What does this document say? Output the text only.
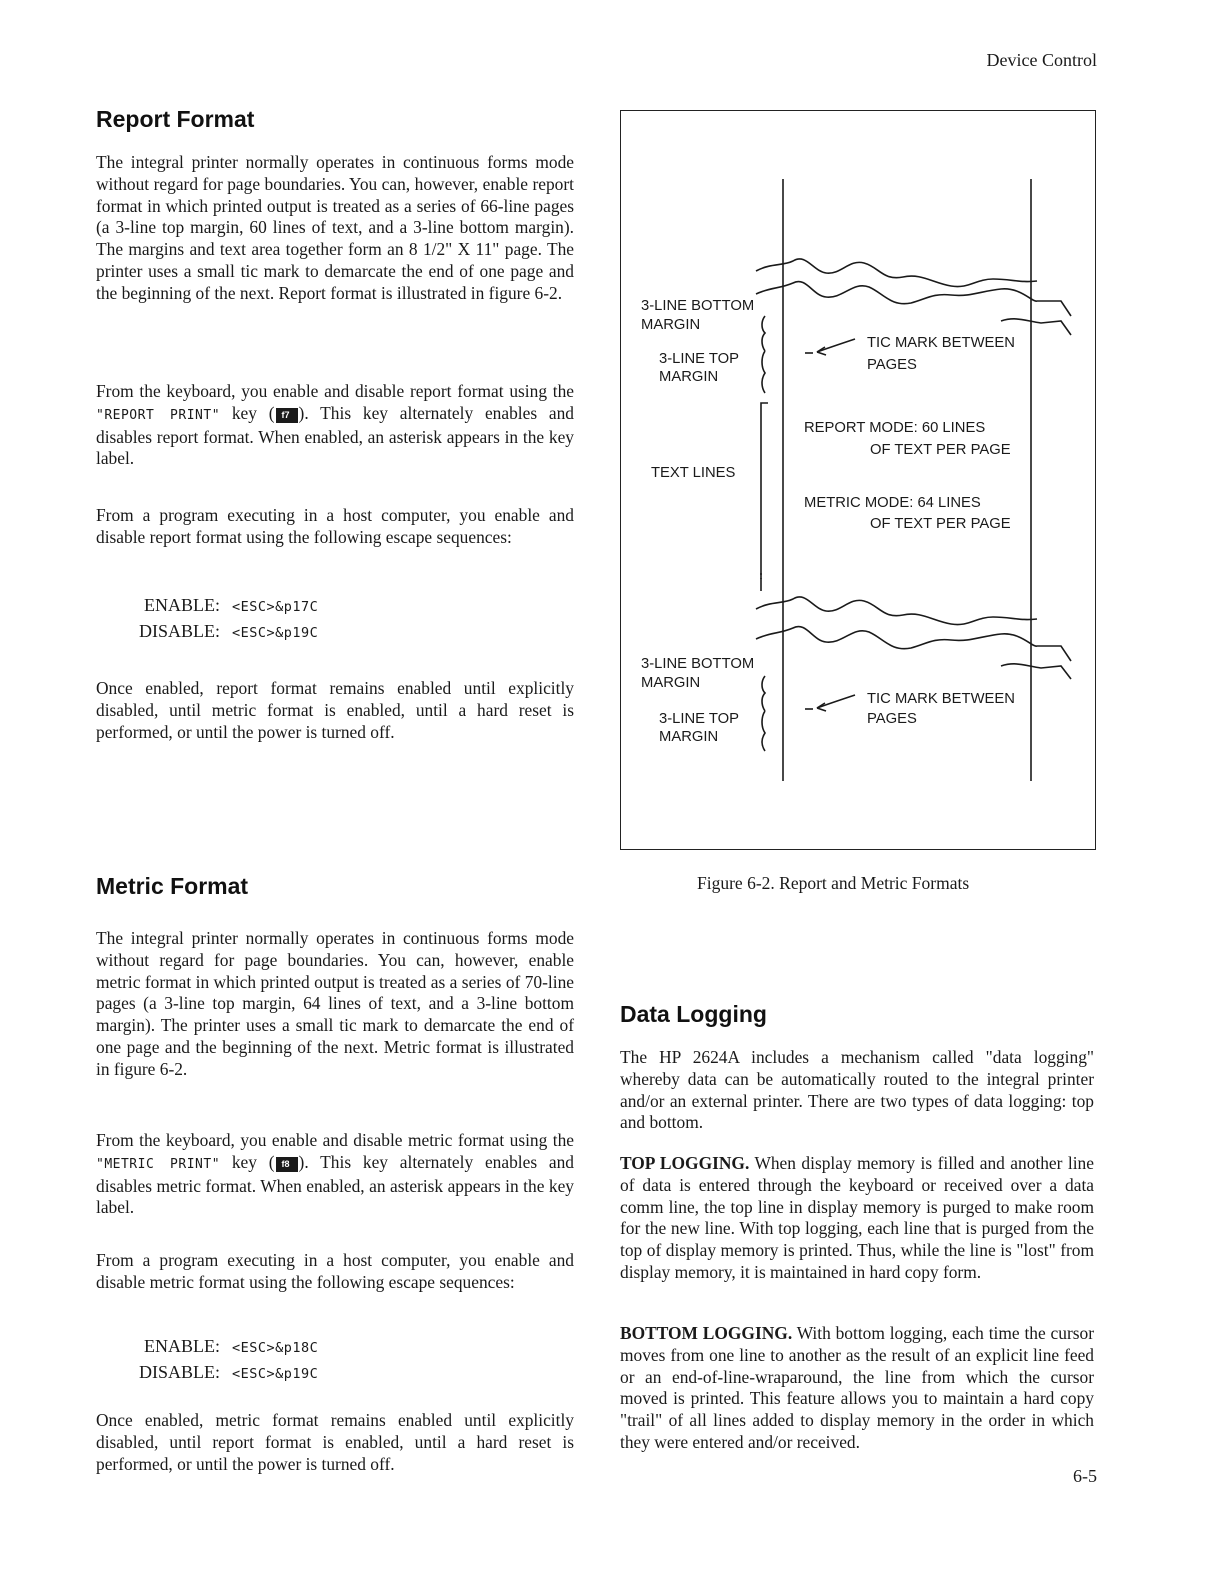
Device Control
6-5
Report Format

The integral printer normally operates in continuous forms mode without regard for page boundaries. You can, however, enable report format in which printed output is treated as a series of 66-line pages (a 3-line top margin, 60 lines of text, and a 3-line bottom margin). The margins and text area together form an 8 1/2" X 11" page. The printer uses a small tic mark to demarcate the end of one page and the beginning of the next. Report format is illustrated in figure 6-2.

From the keyboard, you enable and disable report format using the "REPORT PRINT" key ( f7 ). This key alternately enables and disables report format. When enabled, an asterisk appears in the key label.

From a program executing in a host computer, you enable and disable report format using the following escape sequences:

ENABLE: <ESC>&p17C
DISABLE: <ESC>&p19C

Once enabled, report format remains enabled until explicitly disabled, until metric format is enabled, until a hard reset is performed, or until the power is turned off.

Metric Format

The integral printer normally operates in continuous forms mode without regard for page boundaries. You can, however, enable metric format in which printed output is treated as a series of 70-line pages (a 3-line top margin, 64 lines of text, and a 3-line bottom margin). The printer uses a small tic mark to demarcate the end of one page and the beginning of the next. Metric format is illustrated in figure 6-2.

From the keyboard, you enable and disable metric format using the "METRIC PRINT" key ( f8 ). This key alternately enables and disables metric format. When enabled, an asterisk appears in the key label.

From a program executing in a host computer, you enable and disable metric format using the following escape sequences:

ENABLE: <ESC>&p18C
DISABLE: <ESC>&p19C

Once enabled, metric format remains enabled until explicitly disabled, until report format is enabled, until a hard reset is performed, or until the power is turned off.

3-LINE BOTTOM
MARGIN
3-LINE TOP
MARGIN
TIC MARK BETWEEN
PAGES
TEXT LINES
REPORT MODE: 60 LINES
OF TEXT PER PAGE
METRIC MODE: 64 LINES
OF TEXT PER PAGE
3-LINE BOTTOM
MARGIN
3-LINE TOP
MARGIN
TIC MARK BETWEEN
PAGES
Figure 6-2. Report and Metric Formats
Data Logging

The HP 2624A includes a mechanism called "data logging" whereby data can be automatically routed to the integral printer and/or an external printer. There are two types of data logging: top and bottom.

TOP LOGGING. When display memory is filled and another line of data is entered through the keyboard or received over a data comm line, the top line in display memory is purged to make room for the new line. With top logging, each line that is purged from the top of display memory is printed. Thus, while the line is "lost" from display memory, it is maintained in hard copy form.

BOTTOM LOGGING. With bottom logging, each time the cursor moves from one line to another as the result of an explicit line feed or an end-of-line-wraparound, the line from which the cursor moved is printed. This feature allows you to maintain a hard copy "trail" of all lines added to display memory in the order in which they were entered and/or received.
